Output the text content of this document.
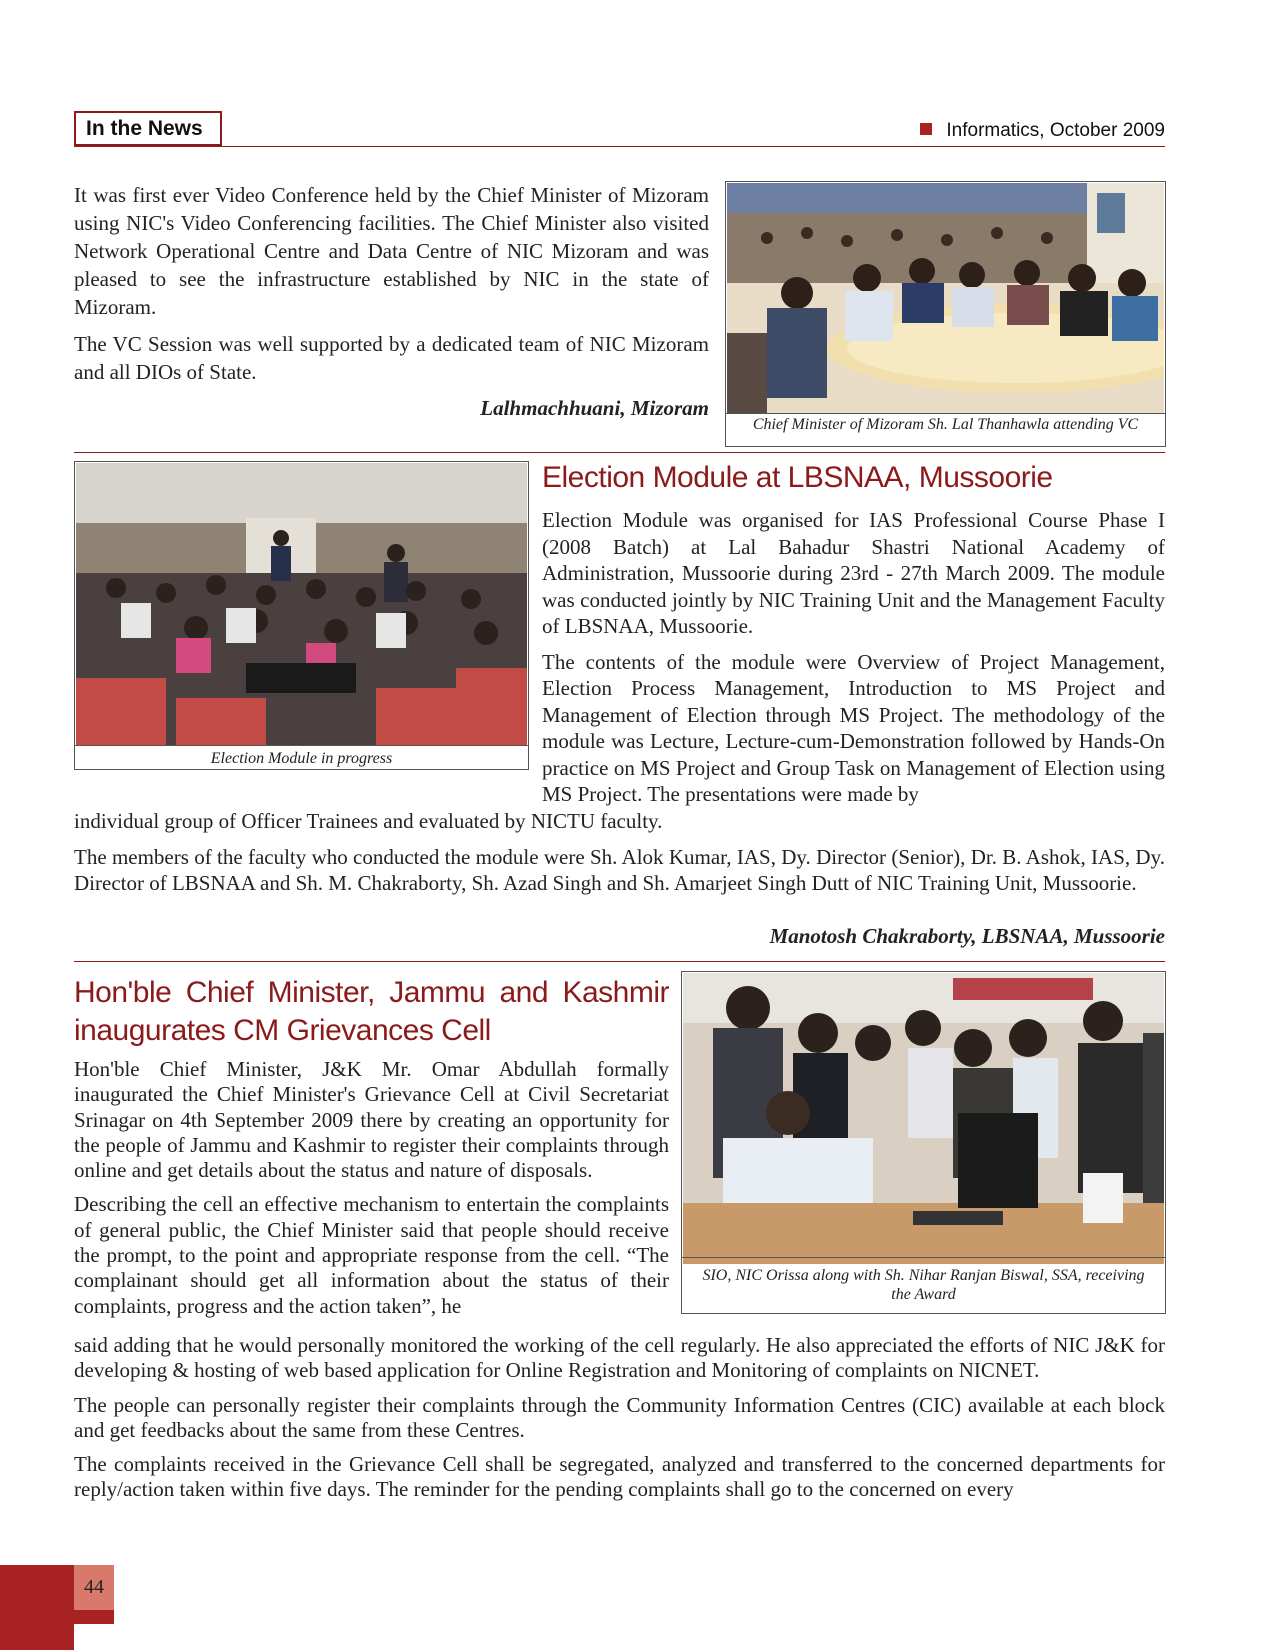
In the News	Informatics, October 2009

It was first ever Video Conference held by the Chief Minister of Mizoram using NIC's Video Conferencing facilities. The Chief Minister also visited Network Operational Centre and Data Centre of NIC Mizoram and was pleased to see the infrastructure established by NIC in the state of Mizoram.

The VC Session was well supported by a dedicated team of NIC Mizoram and all DIOs of State.

Lalhmachhuani, Mizoram
Chief Minister of Mizoram Sh. Lal Thanhawla attending VC
Election Module in progress
Election Module at LBSNAA, Mussoorie

Election Module was organised for IAS Professional Course Phase I (2008 Batch) at Lal Bahadur Shastri National Academy of Administration, Mussoorie during 23rd - 27th March 2009. The module was conducted jointly by NIC Training Unit and the Management Faculty of LBSNAA, Mussoorie.

The contents of the module were Overview of Project Management, Election Process Management, Introduction to MS Project and Management of Election through MS Project. The methodology of the module was Lecture, Lecture-cum-Demonstration followed by Hands-On practice on MS Project and Group Task on Management of Election using MS Project. The presentations were made by

individual group of Officer Trainees and evaluated by NICTU faculty.

The members of the faculty who conducted the module were Sh. Alok Kumar, IAS, Dy. Director (Senior), Dr. B. Ashok, IAS, Dy. Director of LBSNAA and Sh. M. Chakraborty, Sh. Azad Singh and Sh. Amarjeet Singh Dutt of NIC Training Unit, Mussoorie.

Manotosh Chakraborty, LBSNAA, Mussoorie
Hon'ble Chief Minister, Jammu and Kashmir inaugurates CM Grievances Cell

Hon'ble Chief Minister, J&K Mr. Omar Abdullah formally inaugurated the Chief Minister's Grievance Cell at Civil Secretariat Srinagar on 4th September 2009 there by creating an opportunity for the people of Jammu and Kashmir to register their complaints through online and get details about the status and nature of disposals.

Describing the cell an effective mechanism to entertain the complaints of general public, the Chief Minister said that people should receive the prompt, to the point and appropriate response from the cell. “The complainant should get all information about the status of their complaints, progress and the action taken”, he

SIO, NIC Orissa along with Sh. Nihar Ranjan Biswal, SSA, receiving the Award

said adding that he would personally monitored the working of the cell regularly. He also appreciated the efforts of NIC J&K for developing & hosting of web based application for Online Registration and Monitoring of complaints on NICNET.

The people can personally register their complaints through the Community Information Centres (CIC) available at each block and get feedbacks about the same from these Centres.

The complaints received in the Grievance Cell shall be segregated, analyzed and transferred to the concerned departments for reply/action taken within five days. The reminder for the pending complaints shall go to the concerned on every

44
